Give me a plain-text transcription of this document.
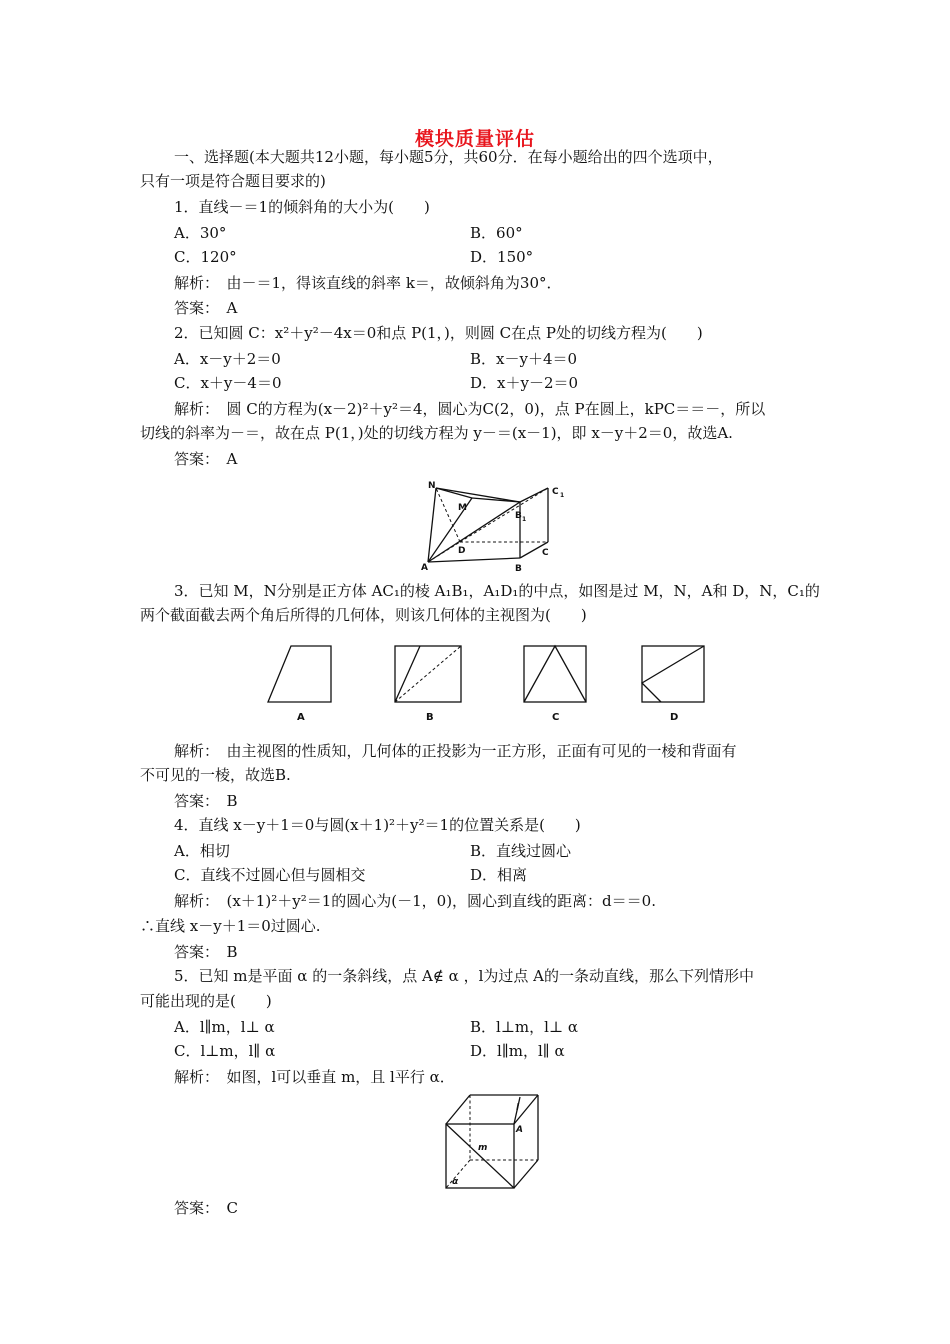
模块质量评估
一、选择题(本大题共12小题，每小题5分，共60分．在每小题给出的四个选项中，
只有一项是符合题目要求的)
1．直线－＝1的倾斜角的大小为(　　)
A．30°	B．60°
C．120°	D．150°
解析：　由－＝1，得该直线的斜率 k＝，故倾斜角为30°．
答案：　A
2．已知圆 C：x²＋y²－4x＝0和点 P(1，)，则圆 C在点 P处的切线方程为(　　)
A．x－y＋2＝0	B．x－y＋4＝0
C．x＋y－4＝0	D．x＋y－2＝0
解析：　圆 C的方程为(x－2)²＋y²＝4，圆心为C(2，0)，点 P在圆上，kPC＝＝－，所以
切线的斜率为－＝，故在点 P(1，)处的切线方程为 y－＝(x－1)，即 x－y＋2＝0，故选A.
答案：　A
N
C 1
M
B 1
D	C
A	B
3．已知 M，N分别是正方体 AC₁的棱 A₁B₁，A₁D₁的中点，如图是过 M，N，A和 D，N，C₁的
两个截面截去两个角后所得的几何体，则该几何体的主视图为(　　)
A	B	C	D
解析：　由主视图的性质知，几何体的正投影为一正方形，正面有可见的一棱和背面有
不可见的一棱，故选B.
答案：　B
4．直线 x－y＋1＝0与圆(x＋1)²＋y²＝1的位置关系是(　　)
A．相切	B．直线过圆心
C．直线不过圆心但与圆相交	D．相离
解析：　(x＋1)²＋y²＝1的圆心为(－1，0)，圆心到直线的距离：d＝＝0.
∴直线 x－y＋1＝0过圆心.
答案：　B
5．已知 m是平面 α 的一条斜线，点 A∉ α ，l为过点 A的一条动直线，那么下列情形中
可能出现的是(　　)
A．l∥m，l⊥ α	B．l⊥m，l⊥ α
C．l⊥m，l∥ α	D．l∥m，l∥ α
解析：　如图，l可以垂直 m，且 l平行 α．
l
A
m
α
答案：　C
